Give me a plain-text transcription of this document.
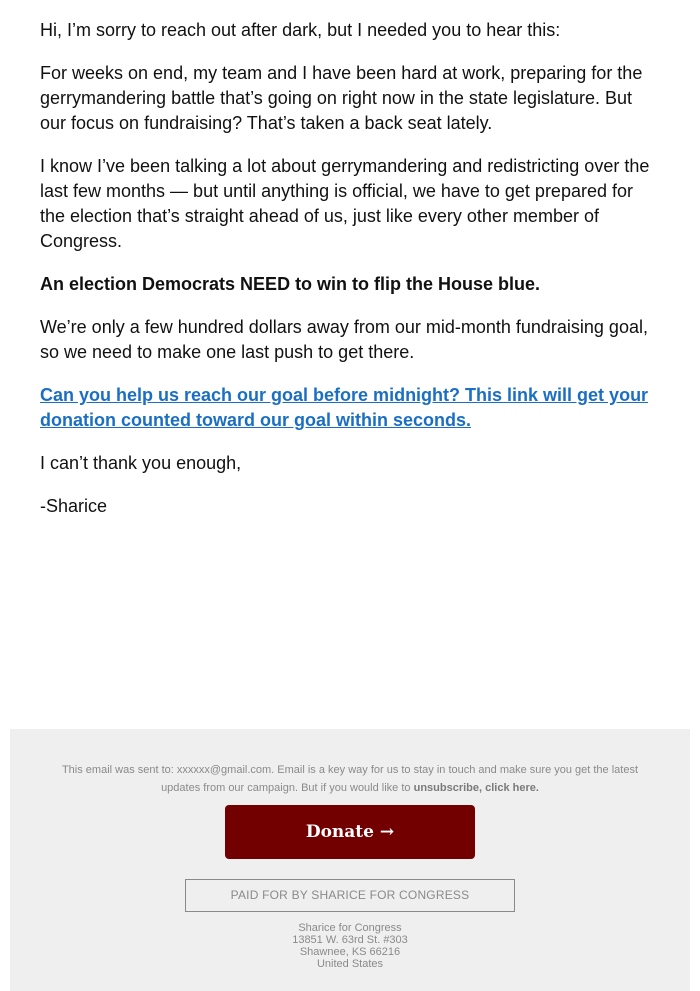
Hi, I’m sorry to reach out after dark, but I needed you to hear this:

For weeks on end, my team and I have been hard at work, preparing for the gerrymandering battle that’s going on right now in the state legislature. But our focus on fundraising? That’s taken a back seat lately.

I know I’ve been talking a lot about gerrymandering and redistricting over the last few months — but until anything is official, we have to get prepared for the election that’s straight ahead of us, just like every other member of Congress.

An election Democrats NEED to win to flip the House blue.

We’re only a few hundred dollars away from our mid-month fundraising goal, so we need to make one last push to get there.

Can you help us reach our goal before midnight? This link will get your donation counted toward our goal within seconds.

I can’t thank you enough,

-Sharice

This email was sent to: xxxxxx@gmail.com. Email is a key way for us to stay in touch and make sure you get the latest updates from our campaign. But if you would like to unsubscribe, click here.
Donate →
PAID FOR BY SHARICE FOR CONGRESS
Sharice for Congress
13851 W. 63rd St. #303
Shawnee, KS 66216
United States
